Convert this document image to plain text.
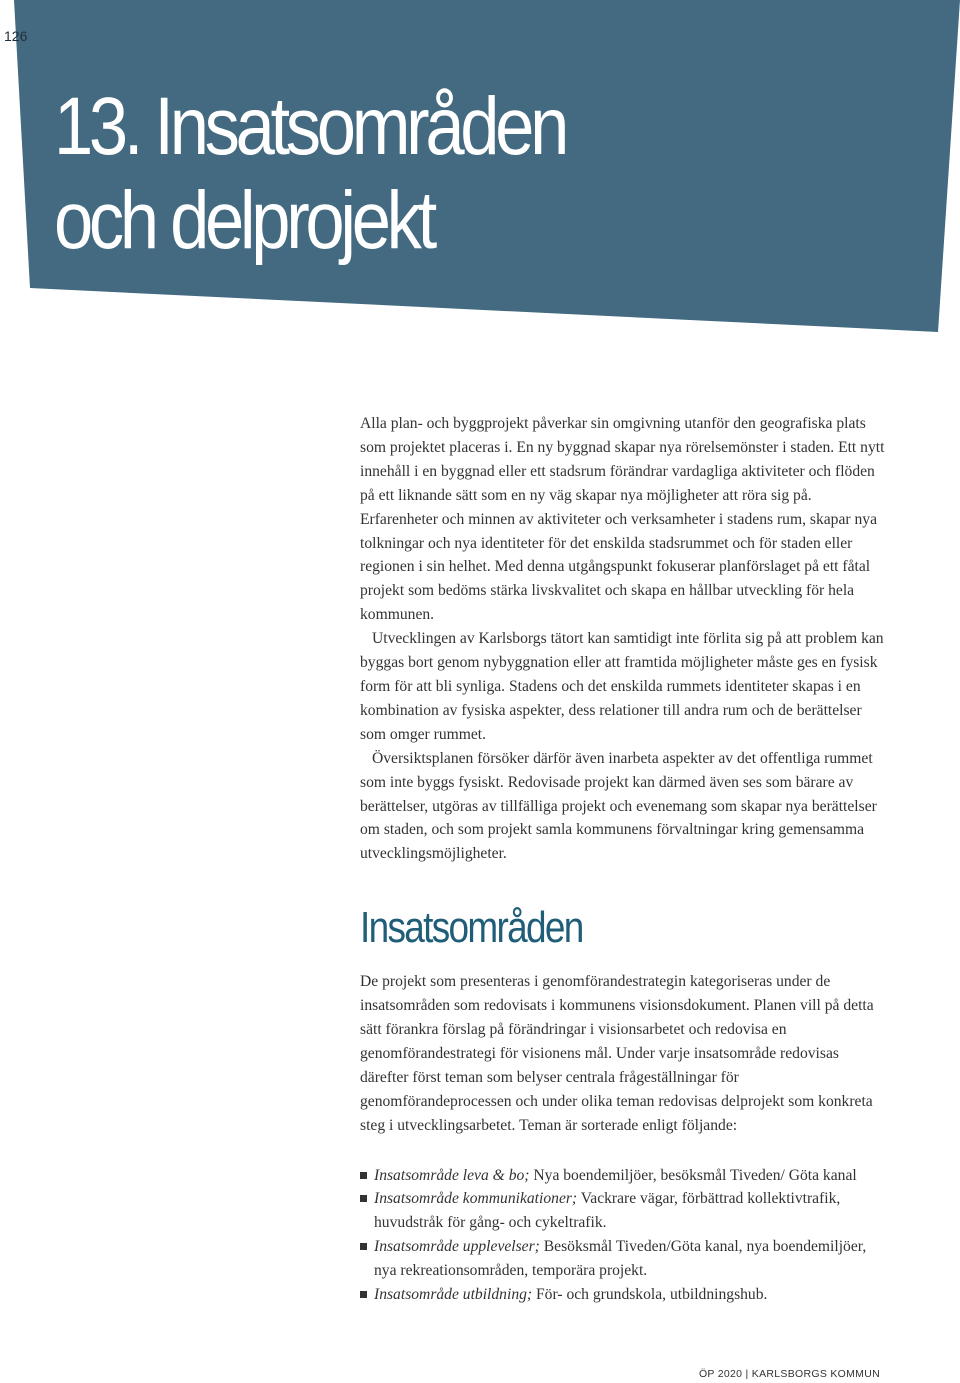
126
13. Insatsområden
och delprojekt

Alla plan- och byggprojekt påverkar sin omgivning utanför den geografiska plats som projektet placeras i. En ny byggnad skapar nya rörelsemönster i staden. Ett nytt innehåll i en byggnad eller ett stadsrum förändrar vardagliga aktiviteter och flöden på ett liknande sätt som en ny väg skapar nya möjligheter att röra sig på. Erfarenheter och minnen av aktiviteter och verksamheter i stadens rum, skapar nya tolkningar och nya identiteter för det enskilda stadsrummet och för staden eller regionen i sin helhet. Med denna utgångspunkt fokuserar planförslaget på ett fåtal projekt som bedöms stärka livskvalitet och skapa en hållbar utveckling för hela kommunen.

Utvecklingen av Karlsborgs tätort kan samtidigt inte förlita sig på att problem kan byggas bort genom nybyggnation eller att framtida möjligheter måste ges en fysisk form för att bli synliga. Stadens och det enskilda rummets identiteter skapas i en kombination av fysiska aspekter, dess relationer till andra rum och de berättelser som omger rummet.

Översiktsplanen försöker därför även inarbeta aspekter av det offentliga rummet som inte byggs fysiskt. Redovisade projekt kan därmed även ses som bärare av berättelser, utgöras av tillfälliga projekt och evenemang som skapar nya berättelser om staden, och som projekt samla kommunens förvaltningar kring gemensamma utvecklingsmöjligheter.

Insatsområden

De projekt som presenteras i genomförandestrategin kategoriseras under de insatsområden som redovisats i kommunens visionsdokument. Planen vill på detta sätt förankra förslag på förändringar i visionsarbetet och redovisa en genomförandestrategi för visionens mål. Under varje insatsområde redovisas därefter först teman som belyser centrala frågeställningar för genomförandeprocessen och under olika teman redovisas delprojekt som konkreta steg i utvecklingsarbetet. Teman är sorterade enligt följande:

Insatsområde leva & bo; Nya boendemiljöer, besöksmål Tiveden/ Göta kanal
Insatsområde kommunikationer; Vackrare vägar, förbättrad kollektivtrafik, huvudstråk för gång- och cykeltrafik.
Insatsområde upplevelser; Besöksmål Tiveden/Göta kanal, nya boendemiljöer, nya rekreationsområden, temporära projekt.
Insatsområde utbildning; För- och grundskola, utbildningshub.
ÖP 2020 | KARLSBORGS KOMMUN
